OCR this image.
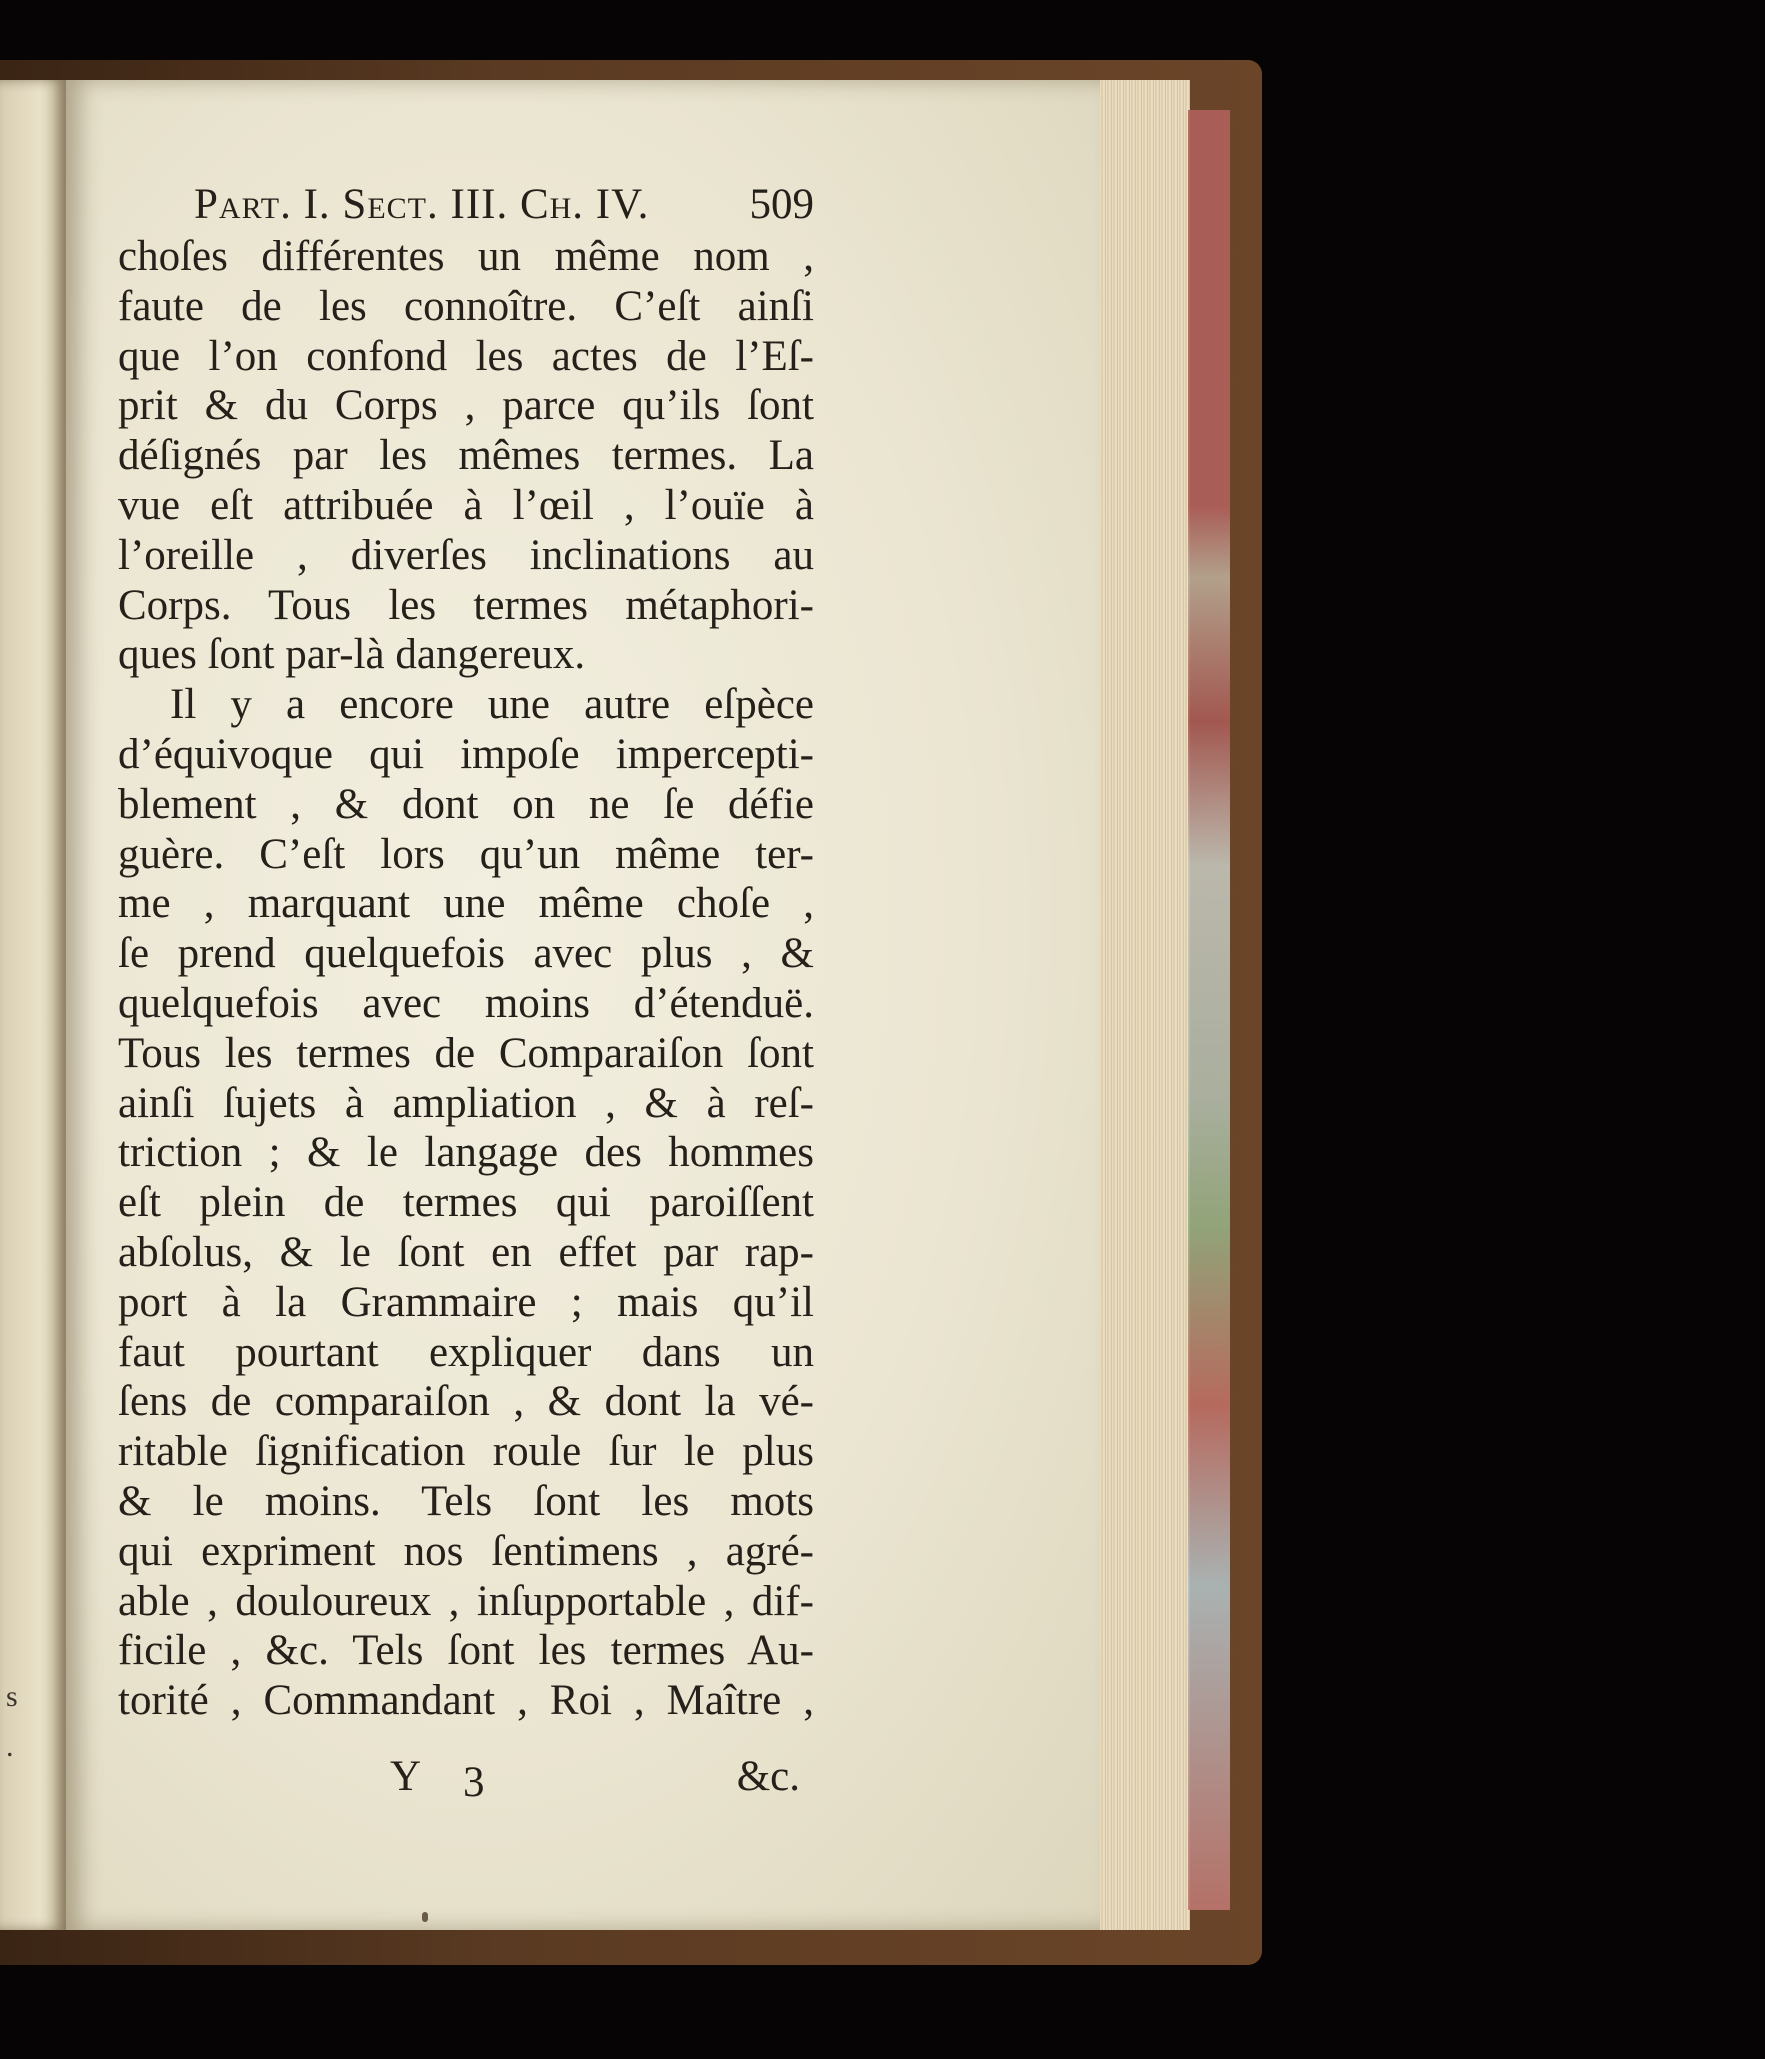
s
.
Part. I. Sect. III. Ch. IV. 509
choſes différentes un même nom ,
faute de les connoître. C’eſt ainſi
que l’on confond les actes de l’Eſ-
prit & du Corps , parce qu’ils ſont
déſignés par les mêmes termes. La
vue eſt attribuée à l’œil , l’ouïe à
l’oreille , diverſes inclinations au
Corps. Tous les termes métaphori-
ques ſont par-là dangereux.
Il y a encore une autre eſpèce
d’équivoque qui impoſe impercepti-
blement , & dont on ne ſe défie
guère. C’eſt lors qu’un même ter-
me , marquant une même choſe ,
ſe prend quelquefois avec plus , &
quelquefois avec moins d’étenduë.
Tous les termes de Comparaiſon ſont
ainſi ſujets à ampliation , & à reſ-
triction ; & le langage des hommes
eſt plein de termes qui paroiſſent
abſolus, & le ſont en effet par rap-
port à la Grammaire ; mais qu’il
faut pourtant expliquer dans un
ſens de comparaiſon , & dont la vé-
ritable ſignification roule ſur le plus
& le moins. Tels ſont les mots
qui expriment nos ſentimens , agré-
able , douloureux , inſupportable , dif-
ficile , &c. Tels ſont les termes Au-
torité , Commandant , Roi , Maître ,
Y 3	&c.
